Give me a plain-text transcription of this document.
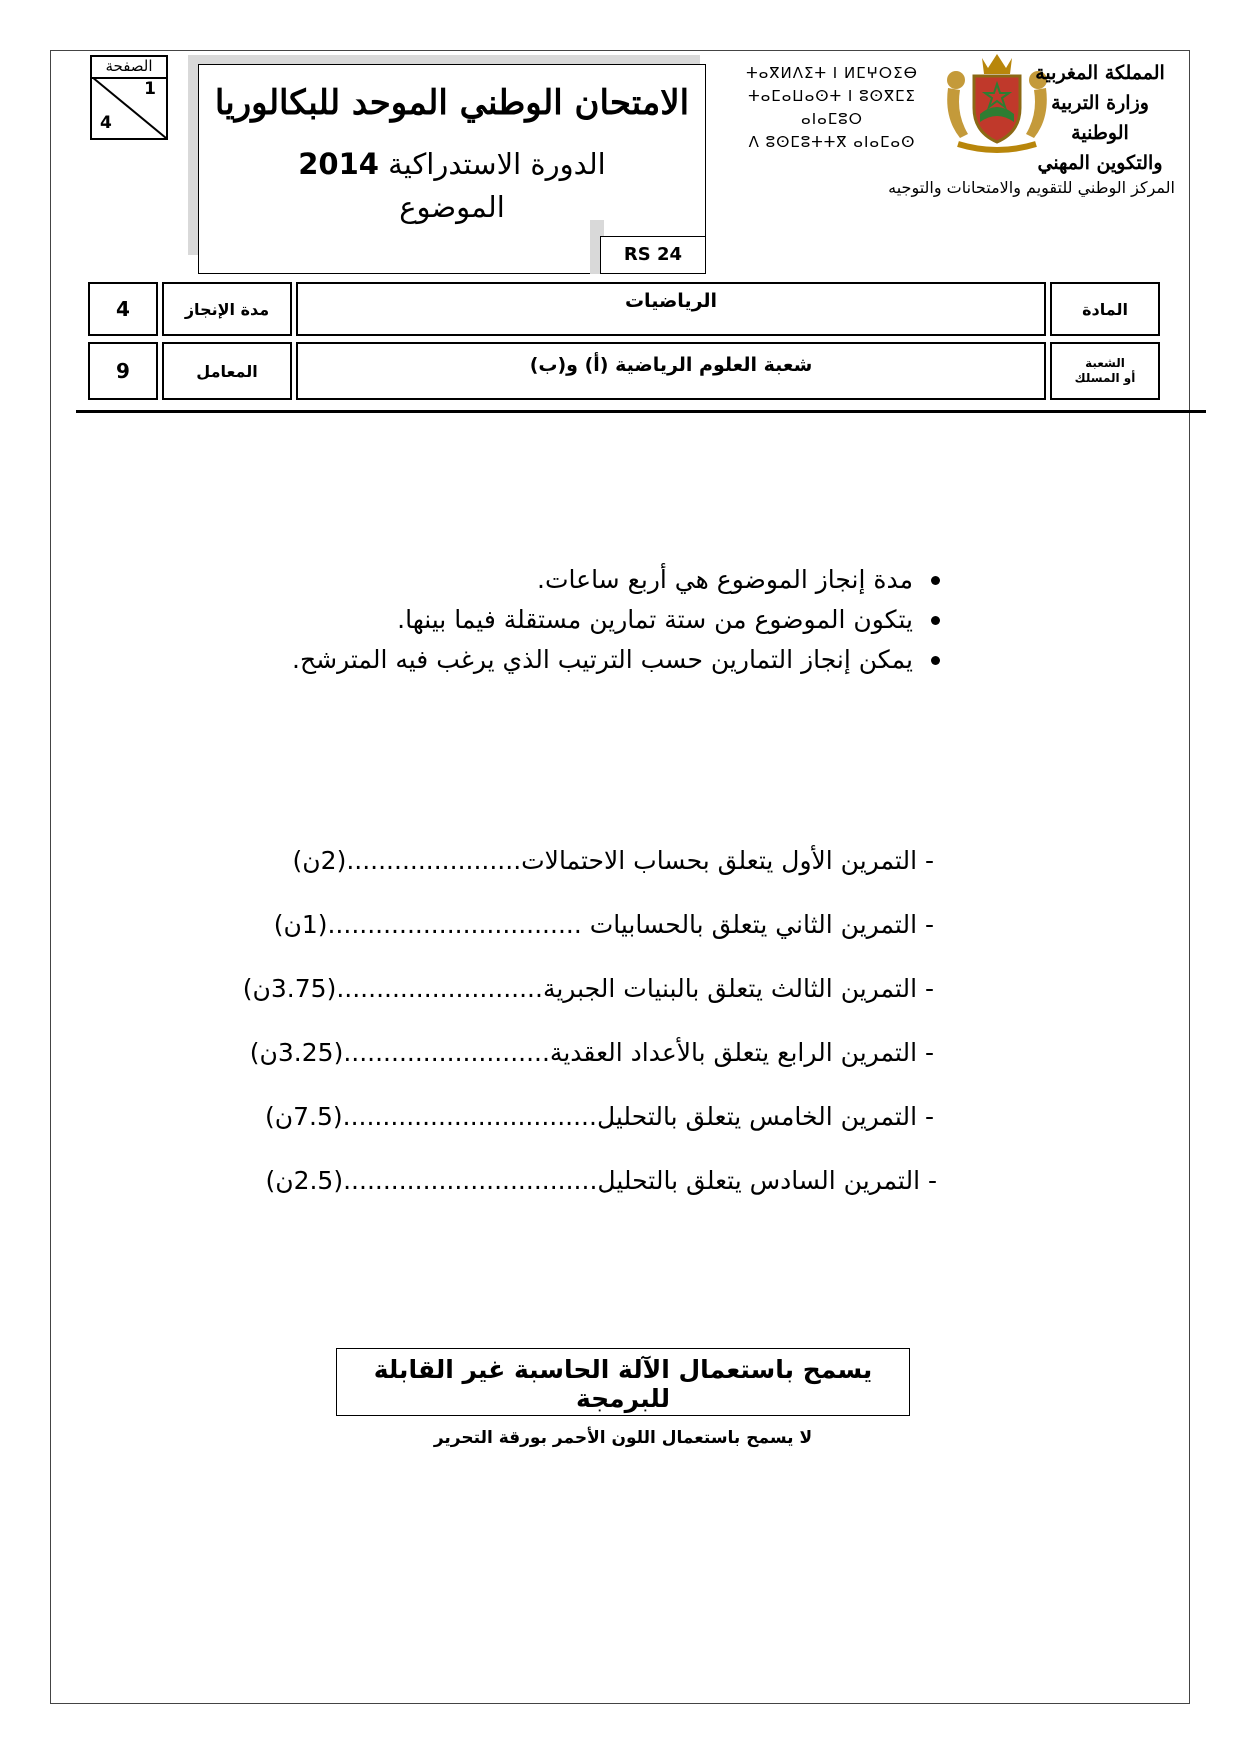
الصفحة
1
4	الامتحان الوطني الموحد للبكالوريا
الدورة الاستدراكية 2014
الموضوع
RS 24
ⵜⴰⴳⵍⴷⵉⵜ ⵏ ⵍⵎⵖⵔⵉⴱ
ⵜⴰⵎⴰⵡⴰⵙⵜ ⵏ ⵓⵙⴳⵎⵉ ⴰⵏⴰⵎⵓⵔ
ⴷ ⵓⵙⵎⵓⵜⵜⴳ ⴰⵏⴰⵎⴰⵙ
المملكة المغربية
وزارة التربية الوطنية
والتكوين المهني
المركز الوطني للتقويم والامتحانات والتوجيه
4	مدة الإنجاز	الرياضيات	المادة
9	المعامل	شعبة العلوم الرياضية (أ) و(ب)	الشعبة
أو المسلك
مدة إنجاز الموضوع هي أربع ساعات.
يتكون الموضوع من ستة تمارين مستقلة فيما بينها.
يمكن إنجاز التمارين حسب الترتيب الذي يرغب فيه المترشح.
- التمرين الأول يتعلق بحساب الاحتمالات......................(2ن)
- التمرين الثاني يتعلق بالحسابيات ................................(1ن)
- التمرين الثالث يتعلق بالبنيات الجبرية..........................(3.75ن)
- التمرين الرابع يتعلق بالأعداد العقدية..........................(3.25ن)
- التمرين الخامس يتعلق بالتحليل................................(7.5ن)
- التمرين السادس يتعلق بالتحليل................................(2.5ن)
يسمح باستعمال الآلة الحاسبة غير القابلة للبرمجة
لا يسمح باستعمال اللون الأحمر بورقة التحرير
